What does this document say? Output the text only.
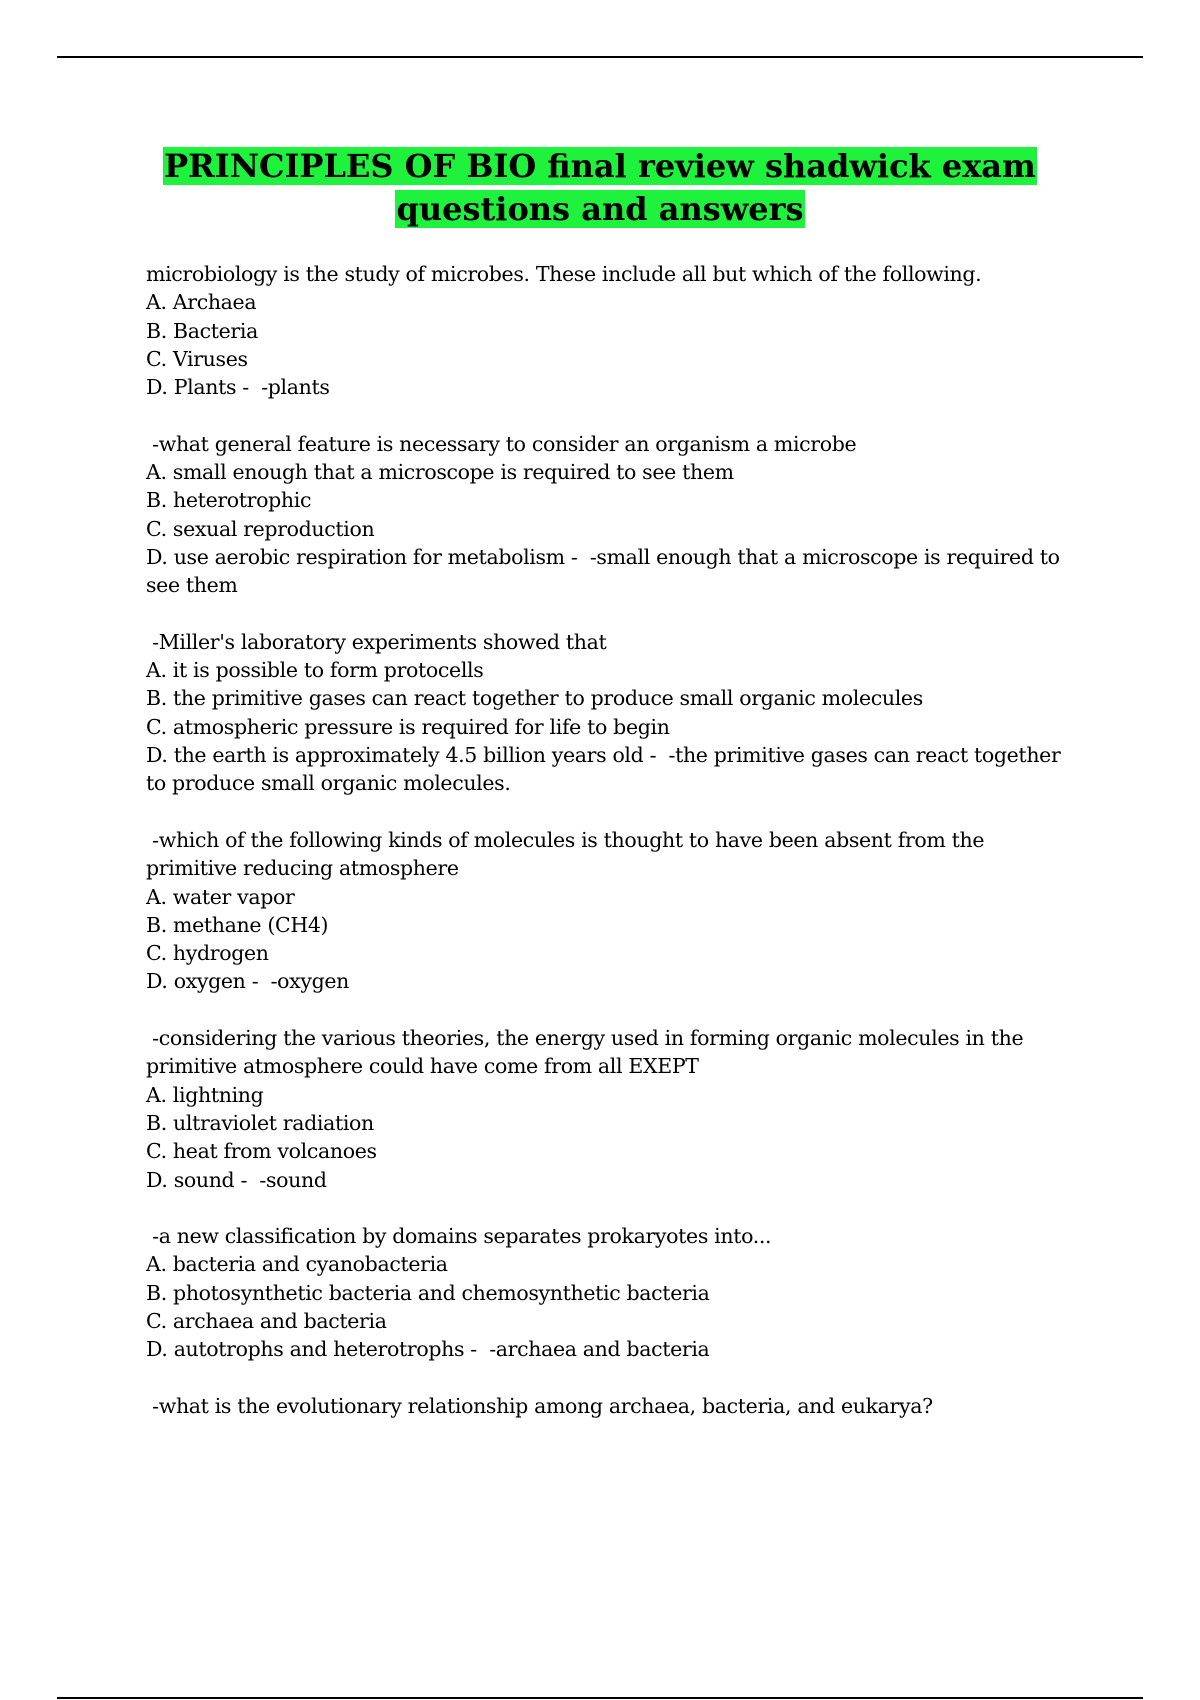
PRINCIPLES OF BIO final review shadwick exam
questions and answers
microbiology is the study of microbes. These include all but which of the following.
A. Archaea
B. Bacteria
C. Viruses
D. Plants -  -plants
-what general feature is necessary to consider an organism a microbe
A. small enough that a microscope is required to see them
B. heterotrophic
C. sexual reproduction
D. use aerobic respiration for metabolism -  -small enough that a microscope is required to see them
-Miller's laboratory experiments showed that
A. it is possible to form protocells
B. the primitive gases can react together to produce small organic molecules
C. atmospheric pressure is required for life to begin
D. the earth is approximately 4.5 billion years old -  -the primitive gases can react together to produce small organic molecules.
-which of the following kinds of molecules is thought to have been absent from the primitive reducing atmosphere
A. water vapor
B. methane (CH4)
C. hydrogen
D. oxygen -  -oxygen
-considering the various theories, the energy used in forming organic molecules in the primitive atmosphere could have come from all EXEPT
A. lightning
B. ultraviolet radiation
C. heat from volcanoes
D. sound -  -sound
-a new classification by domains separates prokaryotes into...
A. bacteria and cyanobacteria
B. photosynthetic bacteria and chemosynthetic bacteria
C. archaea and bacteria
D. autotrophs and heterotrophs -  -archaea and bacteria
-what is the evolutionary relationship among archaea, bacteria, and eukarya?
